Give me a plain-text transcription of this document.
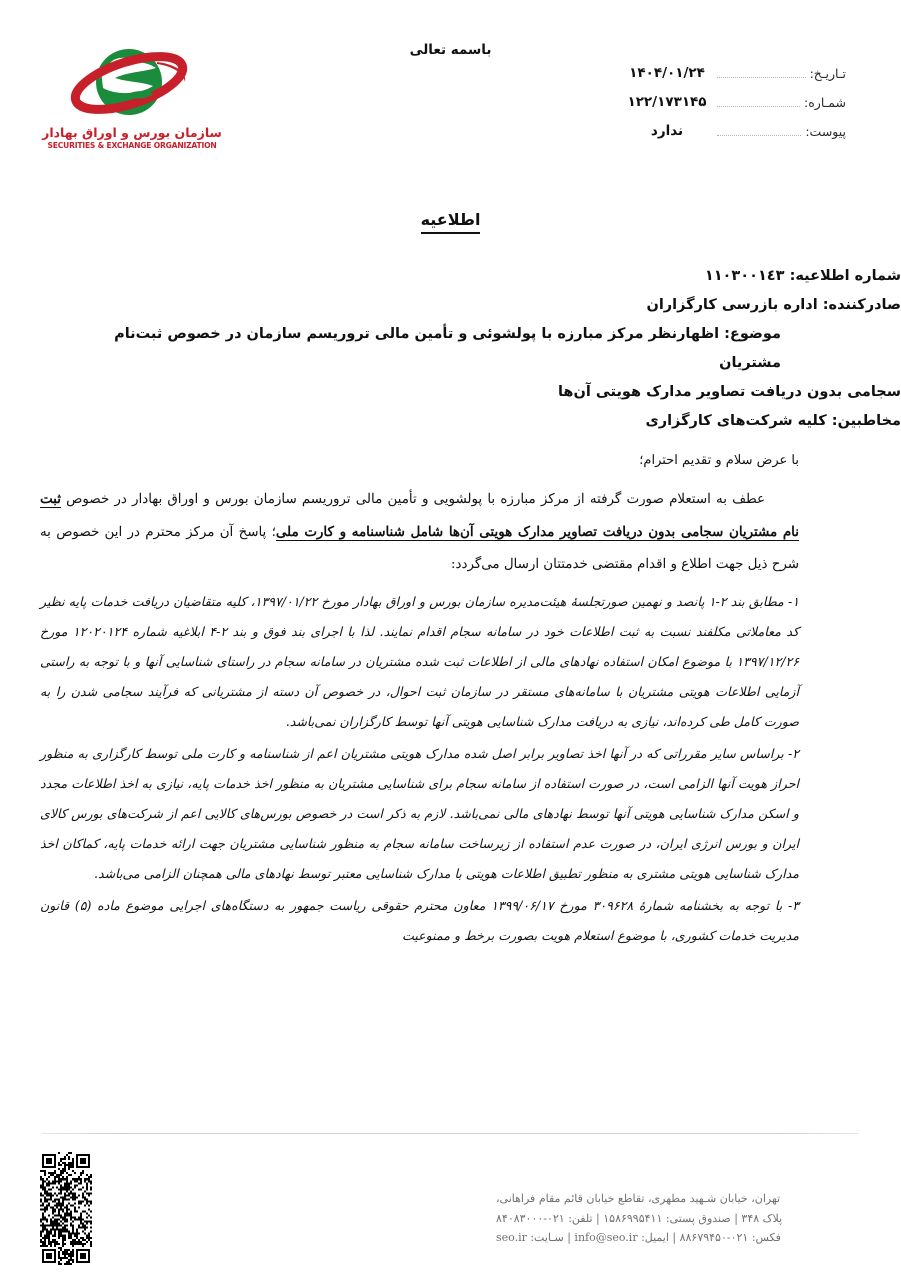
باسمه تعالی
تـاریـخ:
۱۴۰۴/۰۱/۲۴
شمـاره:
۱۲۲/۱۷۳۱۴۵
پیوست:
ندارد
سازمان بورس و اوراق بهادار
SECURITIES & EXCHANGE ORGANIZATION
اطلاعیه
شماره اطلاعیه: ١١٠٣٠٠١٤٣
صادرکننده: اداره بازرسی کارگزاران
موضوع: اظهارنظر مرکز مبارزه با پولشوئی و تأمین مالی تروریسم سازمان در خصوص ثبت‌نام مشتریان
سجامی بدون دریافت تصاویر مدارک هویتی آن‌ها
مخاطبین: کلیه شرکت‌های کارگزاری
با عرض سلام و تقدیم احترام؛
عطف به استعلام صورت گرفته از مرکز مبارزه با پولشویی و تأمین مالی تروریسم سازمان بورس و اوراق بهادار در خصوص ثبت نام مشتریان سجامی بدون دریافت تصاویر مدارک هویتی آن‌ها شامل شناسنامه و کارت ملی؛ پاسخ آن مرکز محترم در این خصوص به شرح ذیل جهت اطلاع و اقدام مقتضی خدمتتان ارسال می‌گردد:
۱- مطابق بند ۲-۱ پانصد و نهمین صورتجلسهٔ هیئت‌مدیره سازمان بورس و اوراق بهادار مورخ ۱۳۹۷/۰۱/۲۲، کلیه متقاضیان دریافت خدمات پایه نظیر کد معاملاتی مکلفند نسبت به ثبت اطلاعات خود در سامانه سجام اقدام نمایند. لذا با اجرای بند فوق و بند ۲-۴ ابلاغیه شماره ۱۲۰۲۰۱۲۴ مورخ ۱۳۹۷/۱۲/۲۶ با موضوع امکان استفاده نهادهای مالی از اطلاعات ثبت شده مشتریان در سامانه سجام در راستای شناسایی آنها و با توجه به راستی آزمایی اطلاعات هویتی مشتریان با سامانه‌های مستقر در سازمان ثبت احوال، در خصوص آن دسته از مشتریانی که فرآیند سجامی شدن را به صورت کامل طی کرده‌اند، نیازی به دریافت مدارک شناسایی هویتی آنها توسط کارگزاران نمی‌باشد.
۲- براساس سایر مقرراتی که در آنها اخذ تصاویر برابر اصل شده مدارک هویتی مشتریان اعم از شناسنامه و کارت ملی توسط کارگزاری به منظور احراز هویت آنها الزامی است، در صورت استفاده از سامانه سجام برای شناسایی مشتریان به منظور اخذ خدمات پایه، نیازی به اخذ اطلاعات مجدد و اسکن مدارک شناسایی هویتی آنها توسط نهادهای مالی نمی‌باشد. لازم به ذکر است در خصوص بورس‌های کالایی اعم از شرکت‌های بورس کالای ایران و بورس انرژی ایران، در صورت عدم استفاده از زیرساخت سامانه سجام به منظور شناسایی مشتریان جهت ارائه خدمات پایه، کماکان اخذ مدارک شناسایی هویتی مشتری به منظور تطبیق اطلاعات هویتی با مدارک شناسایی معتبر توسط نهادهای مالی همچنان الزامی می‌باشد.
۳- با توجه به بخشنامه شمارهٔ ۳۰۹۶۲۸ مورخ ۱۳۹۹/۰۶/۱۷ معاون محترم حقوقی ریاست جمهور به دستگاه‌های اجرایی موضوع ماده (۵) قانون مدیریت خدمات کشوری، با موضوع استعلام هویت بصورت برخط و ممنوعیت
تهران، خیابان شـهید مطهری، تقاطع خیابان قائم مقام فراهانی،
پلاک ۳۴۸ | صندوق پستی: ۱۵۸۶۹۹۵۴۱۱ | تلفن: ۰۲۱-۸۴۰۸۳۰۰۰
فکس: ۰۲۱-۸۸۶۷۹۴۵۰ | ایمیل: info@seo.ir | سـایت: seo.ir
